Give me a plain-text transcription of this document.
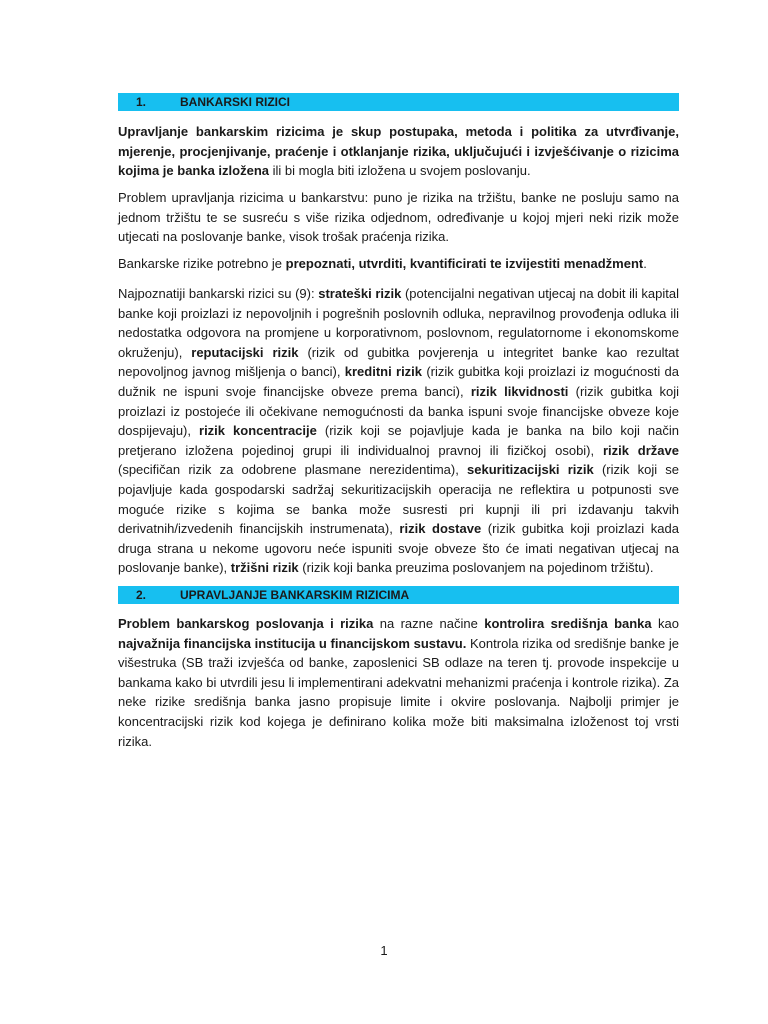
1.	BANKARSKI RIZICI

Upravljanje bankarskim rizicima je skup postupaka, metoda i politika za utvrđivanje, mjerenje, procjenjivanje, praćenje i otklanjanje rizika, uključujući i izvješćivanje o rizicima kojima je banka izložena ili bi mogla biti izložena u svojem poslovanju.

Problem upravljanja rizicima u bankarstvu: puno je rizika na tržištu, banke ne posluju samo na jednom tržištu te se susreću s više rizika odjednom, određivanje u kojoj mjeri neki rizik može utjecati na poslovanje banke, visok trošak praćenja rizika.

Bankarske rizike potrebno je prepoznati, utvrditi, kvantificirati te izvijestiti menadžment.

Najpoznatiji bankarski rizici su (9): strateški rizik (potencijalni negativan utjecaj na dobit ili kapital banke koji proizlazi iz nepovoljnih i pogrešnih poslovnih odluka, nepravilnog provođenja odluka ili nedostatka odgovora na promjene u korporativnom, poslovnom, regulatornome i ekonomskome okruženju), reputacijski rizik (rizik od gubitka povjerenja u integritet banke kao rezultat nepovoljnog javnog mišljenja o banci), kreditni rizik (rizik gubitka koji proizlazi iz mogućnosti da dužnik ne ispuni svoje financijske obveze prema banci), rizik likvidnosti (rizik gubitka koji proizlazi iz postojeće ili očekivane nemogućnosti da banka ispuni svoje financijske obveze koje dospijevaju), rizik koncentracije (rizik koji se pojavljuje kada je banka na bilo koji način pretjerano izložena pojedinoj grupi ili individualnoj pravnoj ili fizičkoj osobi), rizik države (specifičan rizik za odobrene plasmane nerezidentima), sekuritizacijski rizik (rizik koji se pojavljuje kada gospodarski sadržaj sekuritizacijskih operacija ne reflektira u potpunosti sve moguće rizike s kojima se banka može susresti pri kupnji ili pri izdavanju takvih derivatnih/izvedenih financijskih instrumenata), rizik dostave (rizik gubitka koji proizlazi kada druga strana u nekome ugovoru neće ispuniti svoje obveze što će imati negativan utjecaj na poslovanje banke), tržišni rizik (rizik koji banka preuzima poslovanjem na pojedinom tržištu).

2.	UPRAVLJANJE BANKARSKIM RIZICIMA

Problem bankarskog poslovanja i rizika na razne načine kontrolira središnja banka kao najvažnija financijska institucija u financijskom sustavu. Kontrola rizika od središnje banke je višestruka (SB traži izvješća od banke, zaposlenici SB odlaze na teren tj. provode inspekcije u bankama kako bi utvrdili jesu li implementirani adekvatni mehanizmi praćenja i kontrole rizika). Za neke rizike središnja banka jasno propisuje limite i okvire poslovanja. Najbolji primjer je koncentracijski rizik kod kojega je definirano kolika može biti maksimalna izloženost toj vrsti rizika.

1
